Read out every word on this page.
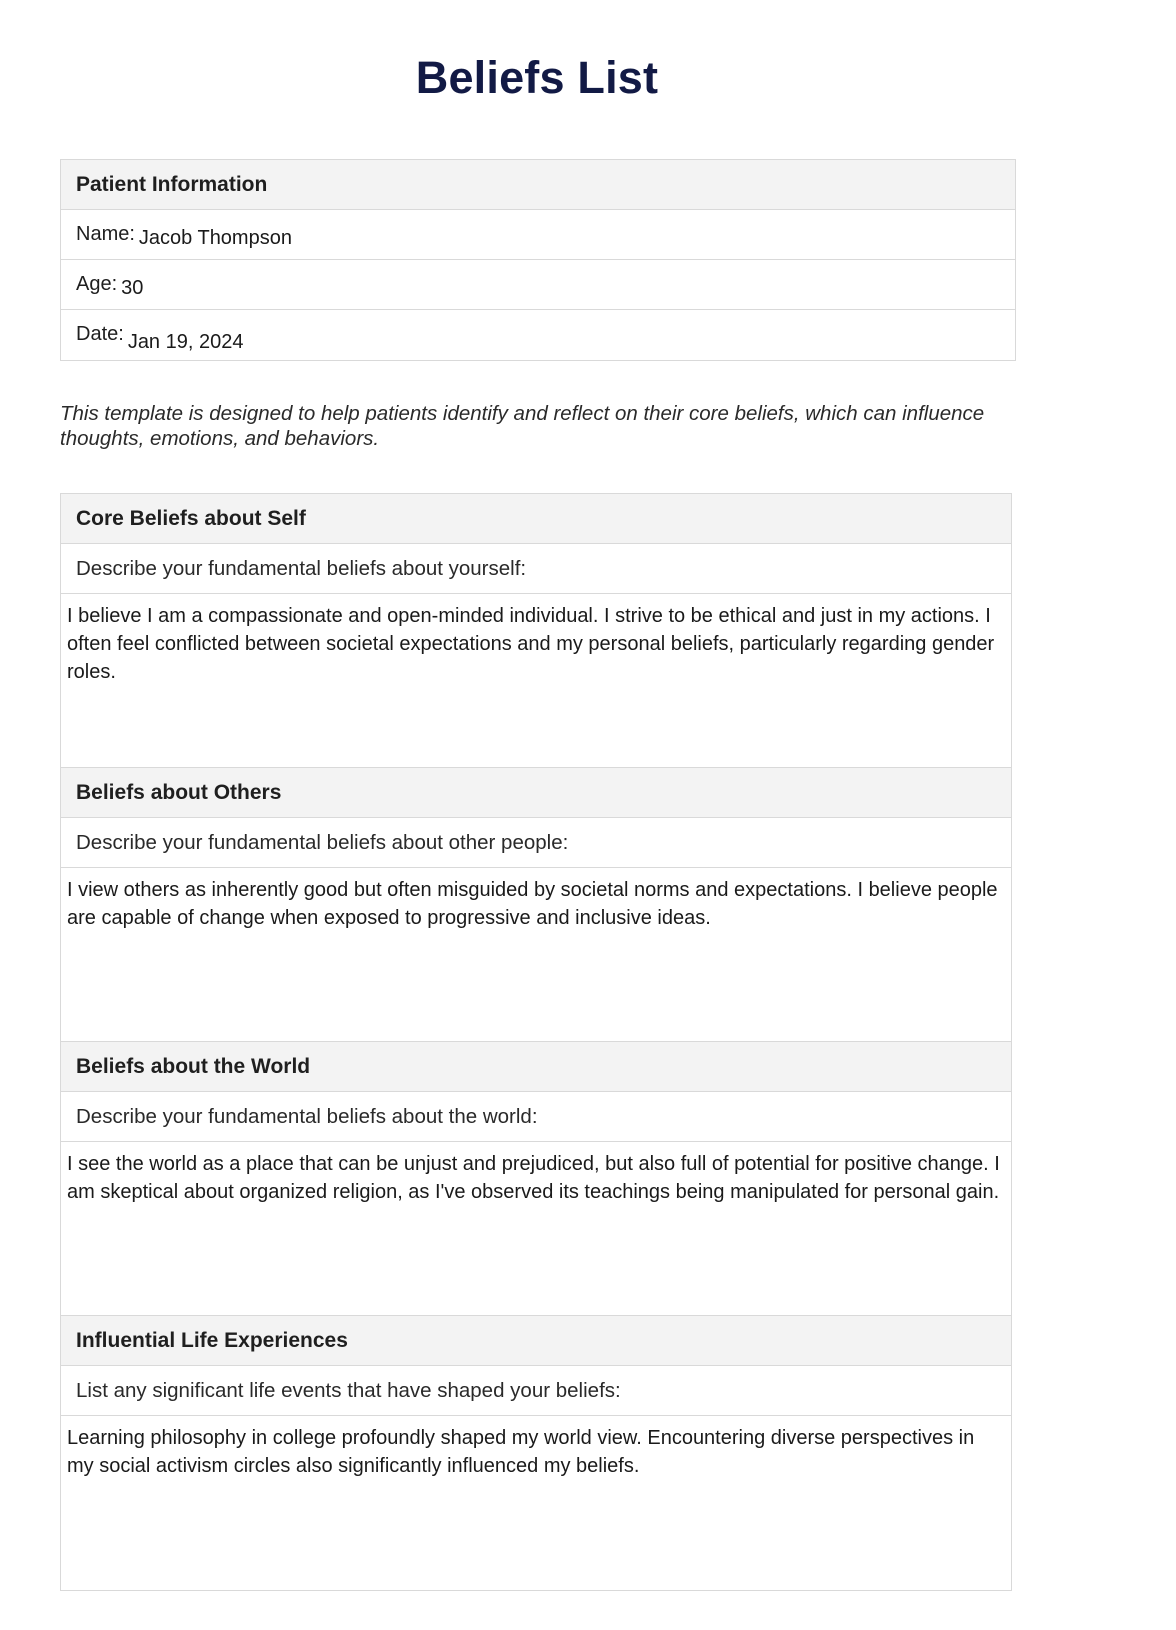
Beliefs List
Patient Information
Name: Jacob Thompson
Age: 30
Date: Jan 19, 2024

This template is designed to help patients identify and reflect on their core beliefs, which can influence thoughts, emotions, and behaviors.

Core Beliefs about Self
Describe your fundamental beliefs about yourself:
I believe I am a compassionate and open-minded individual. I strive to be ethical and just in my actions. I often feel conflicted between societal expectations and my personal beliefs, particularly regarding gender roles.
Beliefs about Others
Describe your fundamental beliefs about other people:
I view others as inherently good but often misguided by societal norms and expectations. I believe people are capable of change when exposed to progressive and inclusive ideas.
Beliefs about the World
Describe your fundamental beliefs about the world:
I see the world as a place that can be unjust and prejudiced, but also full of potential for positive change. I am skeptical about organized religion, as I've observed its teachings being manipulated for personal gain.
Influential Life Experiences
List any significant life events that have shaped your beliefs:
Learning philosophy in college profoundly shaped my world view. Encountering diverse perspectives in my social activism circles also significantly influenced my beliefs.
